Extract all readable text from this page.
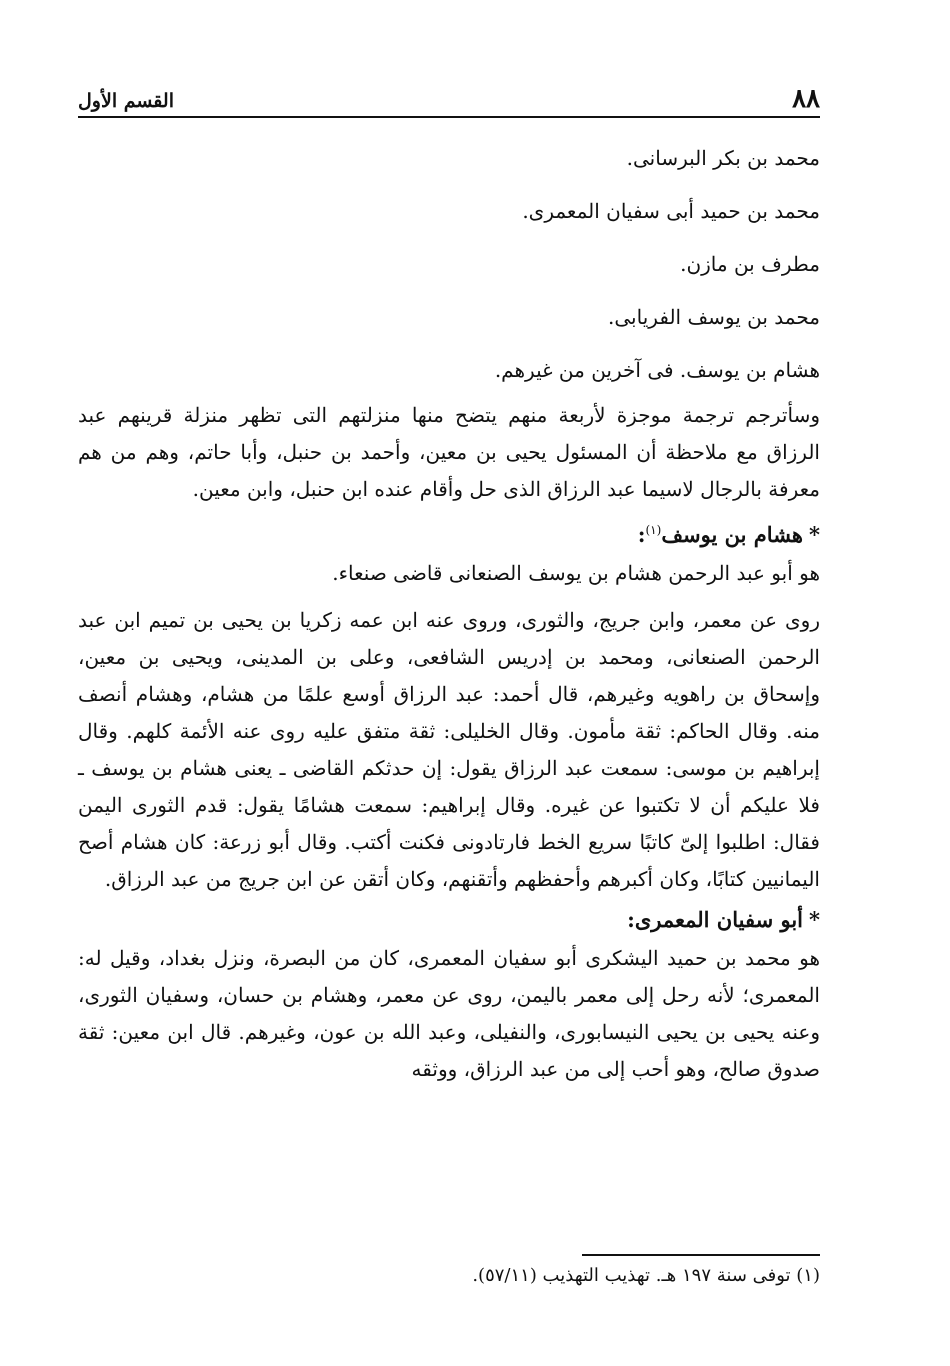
٨٨
القسم الأول
محمد بن بكر البرسانى.
محمد بن حميد أبى سفيان المعمرى.
مطرف بن مازن.
محمد بن يوسف الفريابى.
هشام بن يوسف. فى آخرين من غيرهم.

وسأترجم ترجمة موجزة لأربعة منهم يتضح منها منزلتهم التى تظهر منزلة قرينهم عبد الرزاق مع ملاحظة أن المسئول يحيى بن معين، وأحمد بن حنبل، وأبا حاتم، وهم من هم معرفة بالرجال لاسيما عبد الرزاق الذى حل وأقام عنده ابن حنبل، وابن معين.

*هشام بن يوسف$^{(١)}$:

هو أبو عبد الرحمن هشام بن يوسف الصنعانى قاضى صنعاء.

روى عن معمر، وابن جريج، والثورى، وروى عنه ابن عمه زكريا بن يحيى بن تميم ابن عبد الرحمن الصنعانى، ومحمد بن إدريس الشافعى، وعلى بن المدينى، ويحيى بن معين، وإسحاق بن راهويه وغيرهم، قال أحمد: عبد الرزاق أوسع علمًا من هشام، وهشام أنصف منه. وقال الحاكم: ثقة مأمون. وقال الخليلى: ثقة متفق عليه روى عنه الأئمة كلهم. وقال إبراهيم بن موسى: سمعت عبد الرزاق يقول: إن حدثكم القاضى ـ يعنى هشام بن يوسف ـ فلا عليكم أن لا تكتبوا عن غيره. وقال إبراهيم: سمعت هشامًا يقول: قدم الثورى اليمن فقال: اطلبوا إلىّ كاتبًا سريع الخط فارتادونى فكنت أكتب. وقال أبو زرعة: كان هشام أصح اليمانيين كتابًا، وكان أكبرهم وأحفظهم وأتقنهم، وكان أتقن عن ابن جريج من عبد الرزاق.

*أبو سفيان المعمرى:

هو محمد بن حميد اليشكرى أبو سفيان المعمرى، كان من البصرة، ونزل بغداد، وقيل له: المعمرى؛ لأنه رحل إلى معمر باليمن، روى عن معمر، وهشام بن حسان، وسفيان الثورى، وعنه يحيى بن يحيى النيسابورى، والنفيلى، وعبد الله بن عون، وغيرهم. قال ابن معين: ثقة صدوق صالح، وهو أحب إلى من عبد الرزاق، ووثقه

(١) توفى سنة ١٩٧ هـ. تهذيب التهذيب (٥٧/١١).
